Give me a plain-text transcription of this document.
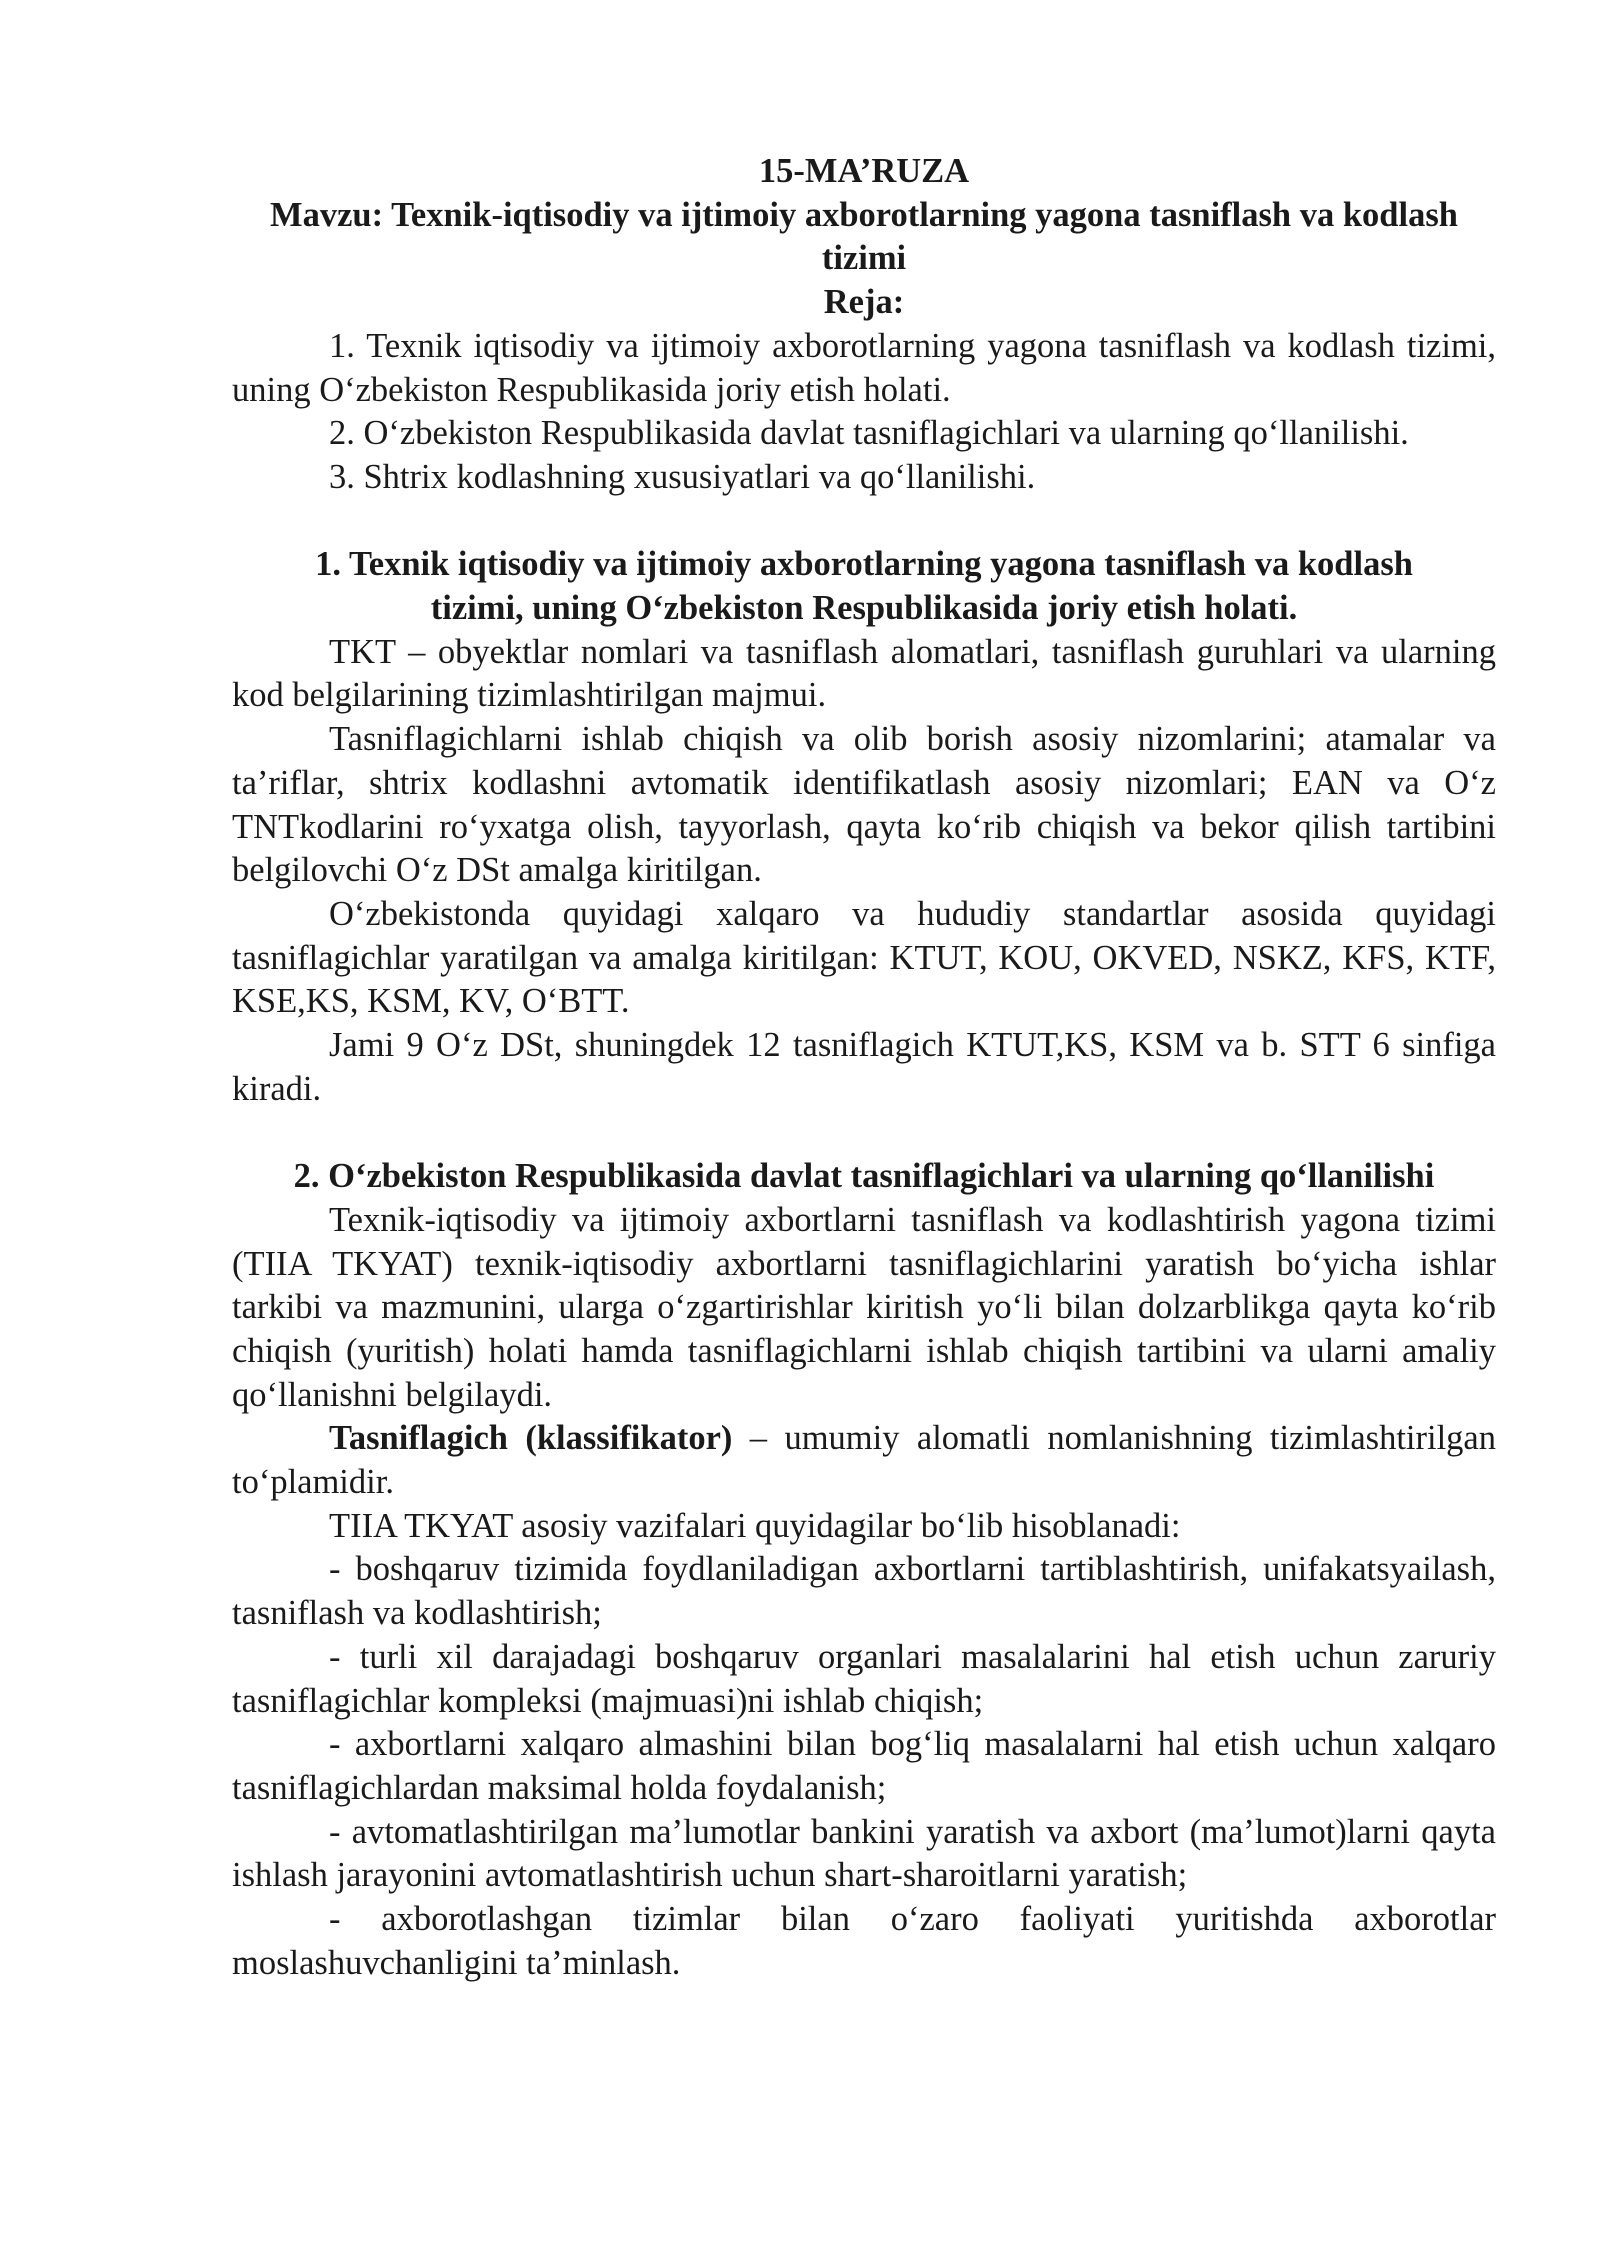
15-MA’RUZA
Mavzu: Texnik-iqtisodiy va ijtimoiy axborotlarning yagona tasniflash va kodlash tizimi
Reja:

1. Texnik iqtisodiy va ijtimoiy axborotlarning yagona tasniflash va kodlash tizimi, uning O‘zbekiston Respublikasida joriy etish holati.

2. O‘zbekiston Respublikasida davlat tasniflagichlari va ularning qo‘llanilishi.

3. Shtrix kodlashning xususiyatlari va qo‘llanilishi.

1. Texnik iqtisodiy va ijtimoiy axborotlarning yagona tasniflash va kodlash tizimi, uning O‘zbekiston Respublikasida joriy etish holati.

TKT – obyektlar nomlari va tasniflash alomatlari, tasniflash guruhlari va ularning kod belgilarining tizimlashtirilgan majmui.

Tasniflagichlarni ishlab chiqish va olib borish asosiy nizomlarini; atamalar va ta’riflar, shtrix kodlashni avtomatik identifikatlash asosiy nizomlari; EAN va O‘z TNTkodlarini ro‘yxatga olish, tayyorlash, qayta ko‘rib chiqish va bekor qilish tartibini belgilovchi O‘z DSt amalga kiritilgan.

O‘zbekistonda quyidagi xalqaro va hududiy standartlar asosida quyidagi tasniflagichlar yaratilgan va amalga kiritilgan: KTUT, KOU, OKVED, NSKZ, KFS, KTF, KSE,KS, KSM, KV, O‘BTT.

Jami 9 O‘z DSt, shuningdek 12 tasniflagich KTUT,KS, KSM va b. STT 6 sinfiga kiradi.

2. O‘zbekiston Respublikasida davlat tasniflagichlari va ularning qo‘llanilishi

Texnik-iqtisodiy va ijtimoiy axbortlarni tasniflash va kodlashtirish yagona tizimi (TIIA TKYAT) texnik-iqtisodiy axbortlarni tasniflagichlarini yaratish bo‘yicha ishlar tarkibi va mazmunini, ularga o‘zgartirishlar kiritish yo‘li bilan dolzarblikga qayta ko‘rib chiqish (yuritish) holati hamda tasniflagichlarni ishlab chiqish tartibini va ularni amaliy qo‘llanishni belgilaydi.

Tasniflagich (klassifikator) – umumiy alomatli nomlanishning tizimlashtirilgan to‘plamidir.

TIIA TKYAT asosiy vazifalari quyidagilar bo‘lib hisoblanadi:

- boshqaruv tizimida foydlaniladigan axbortlarni tartiblashtirish, unifakatsyailash, tasniflash va kodlashtirish;

- turli xil darajadagi boshqaruv organlari masalalarini hal etish uchun zaruriy tasniflagichlar kompleksi (majmuasi)ni ishlab chiqish;

- axbortlarni xalqaro almashini bilan bog‘liq masalalarni hal etish uchun xalqaro tasniflagichlardan maksimal holda foydalanish;

- avtomatlashtirilgan ma’lumotlar bankini yaratish va axbort (ma’lumot)larni qayta ishlash jarayonini avtomatlashtirish uchun shart-sharoitlarni yaratish;

- axborotlashgan tizimlar bilan o‘zaro faoliyati yuritishda axborotlar moslashuvchanligini ta’minlash.
